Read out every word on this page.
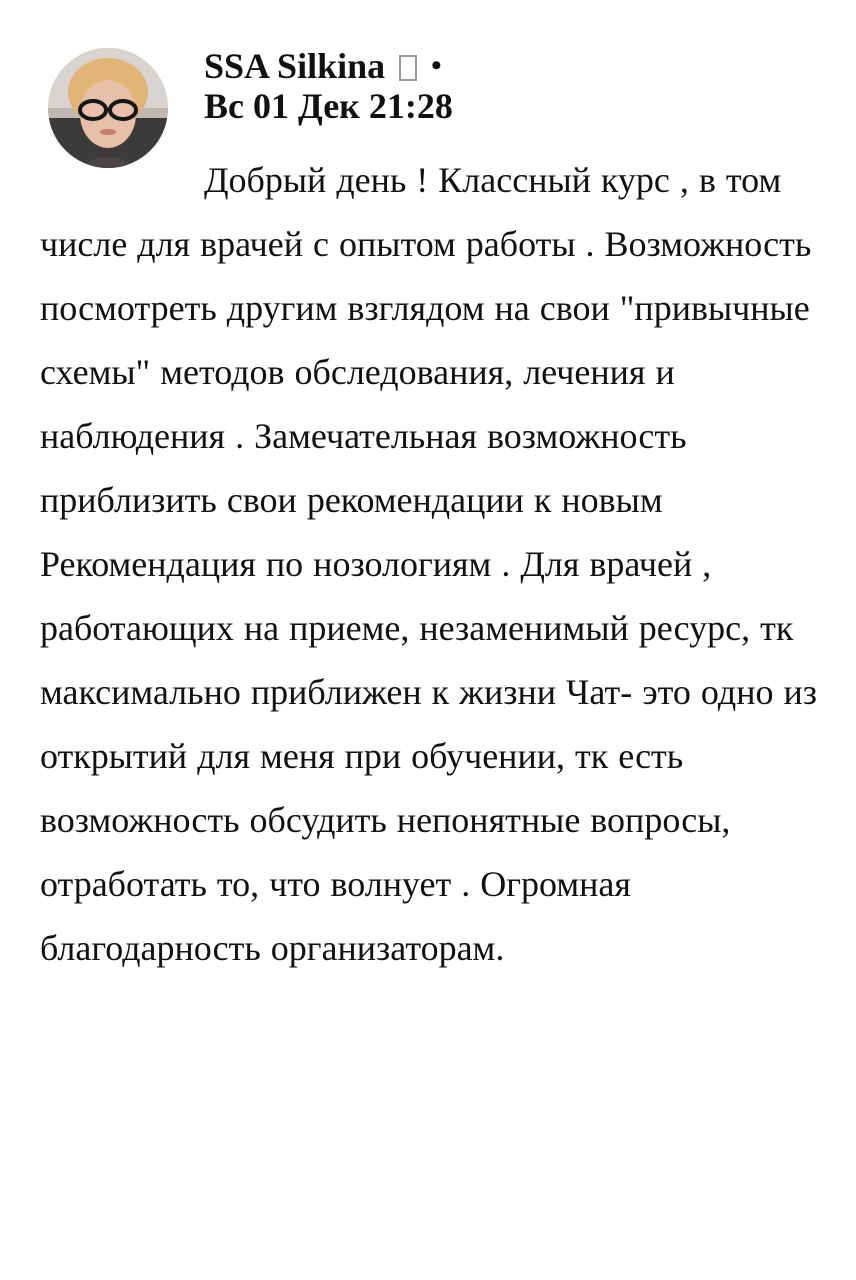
SSA Silkina •
Вс 01 Дек 21:28

Добрый день ! Классный курс , в том числе для врачей с опытом работы . Возможность посмотреть другим взглядом на свои "привычные схемы" методов обследования, лечения и наблюдения . Замечательная возможность приблизить свои рекомендации к новым Рекомендация по нозологиям . Для врачей , работающих на приеме, незаменимый ресурс, тк максимально приближен к жизни Чат- это одно из открытий для меня при обучении, тк есть возможность обсудить непонятные вопросы, отработать то, что волнует . Огромная благодарность организаторам.
